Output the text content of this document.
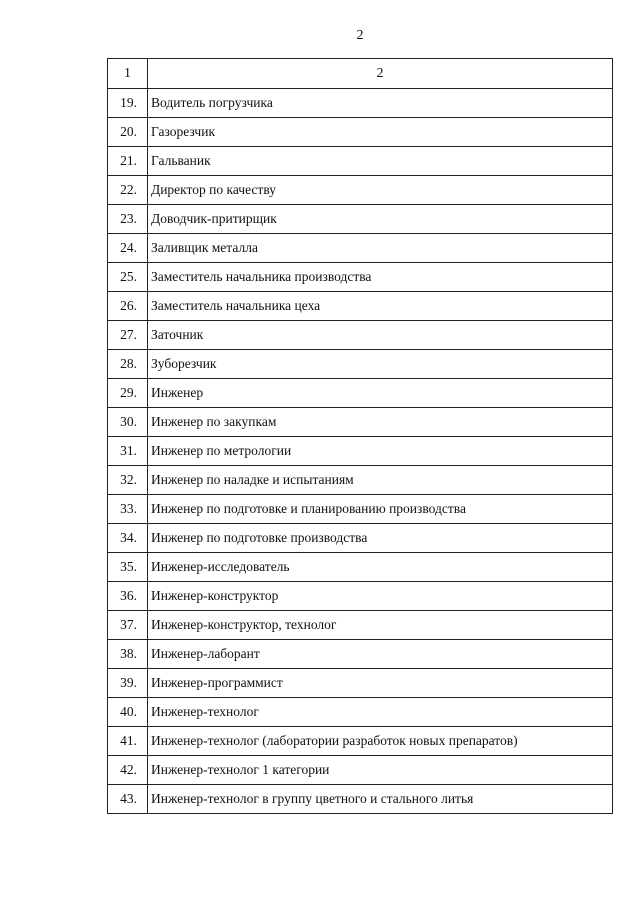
2
1	2
19.	Водитель погрузчика
20.	Газорезчик
21.	Гальваник
22.	Директор по качеству
23.	Доводчик-притирщик
24.	Заливщик металла
25.	Заместитель начальника производства
26.	Заместитель начальника цеха
27.	Заточник
28.	Зуборезчик
29.	Инженер
30.	Инженер по закупкам
31.	Инженер по метрологии
32.	Инженер по наладке и испытаниям
33.	Инженер по подготовке и планированию производства
34.	Инженер по подготовке производства
35.	Инженер-исследователь
36.	Инженер-конструктор
37.	Инженер-конструктор, технолог
38.	Инженер-лаборант
39.	Инженер-программист
40.	Инженер-технолог
41.	Инженер-технолог (лаборатории разработок новых препаратов)
42.	Инженер-технолог 1 категории
43.	Инженер-технолог в группу цветного и стального литья
